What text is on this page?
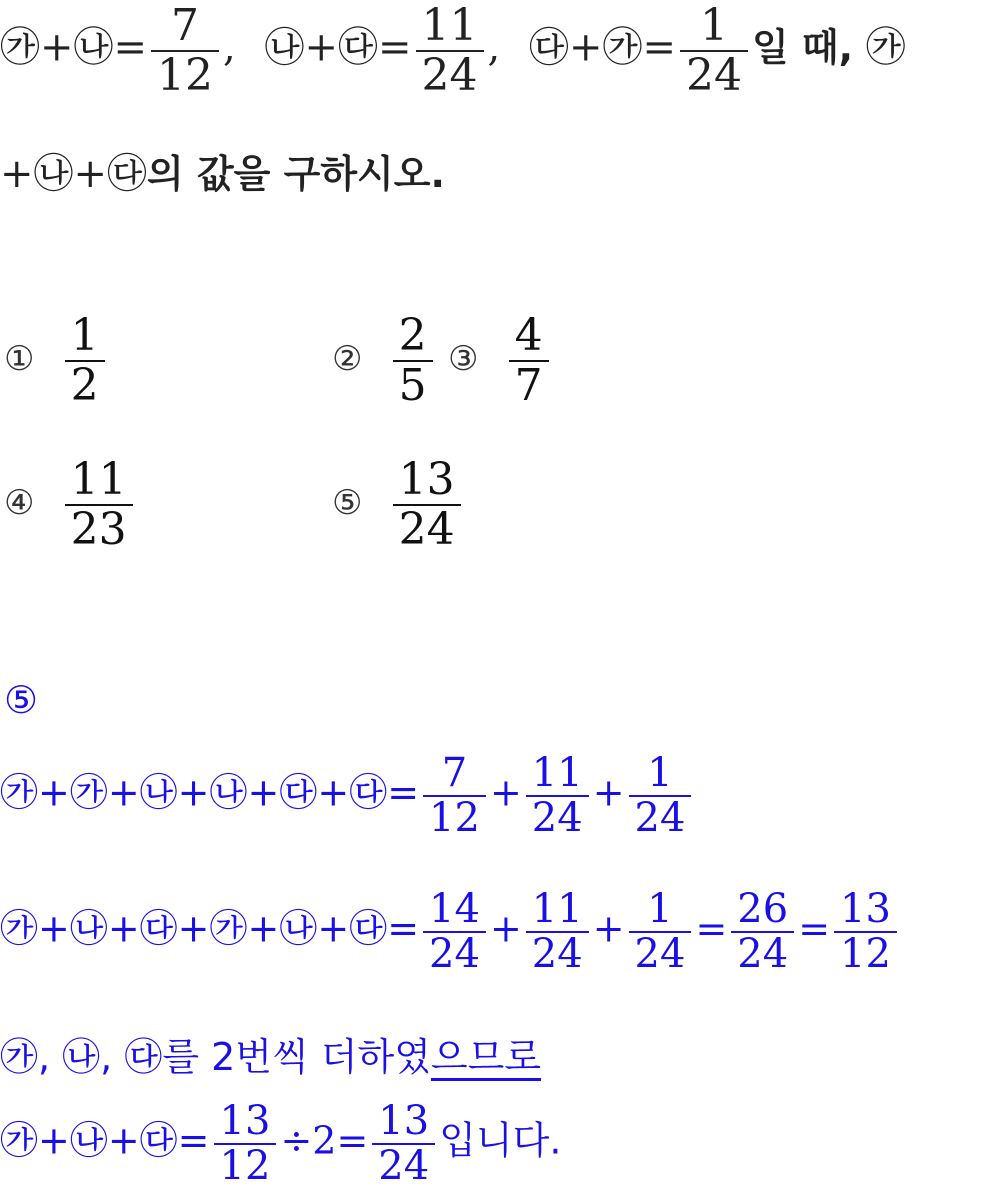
㉮+㉯= $\frac{7}{12}$ , ㉯+㉰= $\frac{11}{24}$ , ㉰+㉮= $\frac{1}{24}$ 일 때, ㉮
+㉯+㉰의 값을 구하시오.
① $\frac{1}{2}$	② $\frac{2}{5}$ ③ $\frac{4}{7}$
④ $\frac{11}{23}$	⑤ $\frac{13}{24}$
⑤
㉮+㉮+㉯+㉯+㉰+㉰= $\frac{7}{12} + \frac{11}{24} + \frac{1}{24}$
㉮+㉯+㉰+㉮+㉯+㉰= $\frac{14}{24} + \frac{11}{24} + \frac{1}{24} = \frac{26}{24} = \frac{13}{12}$
㉮, ㉯, ㉰를 2번씩 더하였으므로
㉮+㉯+㉰= $\frac{13}{12} \div 2= \frac{13}{24}$ 입니다.
